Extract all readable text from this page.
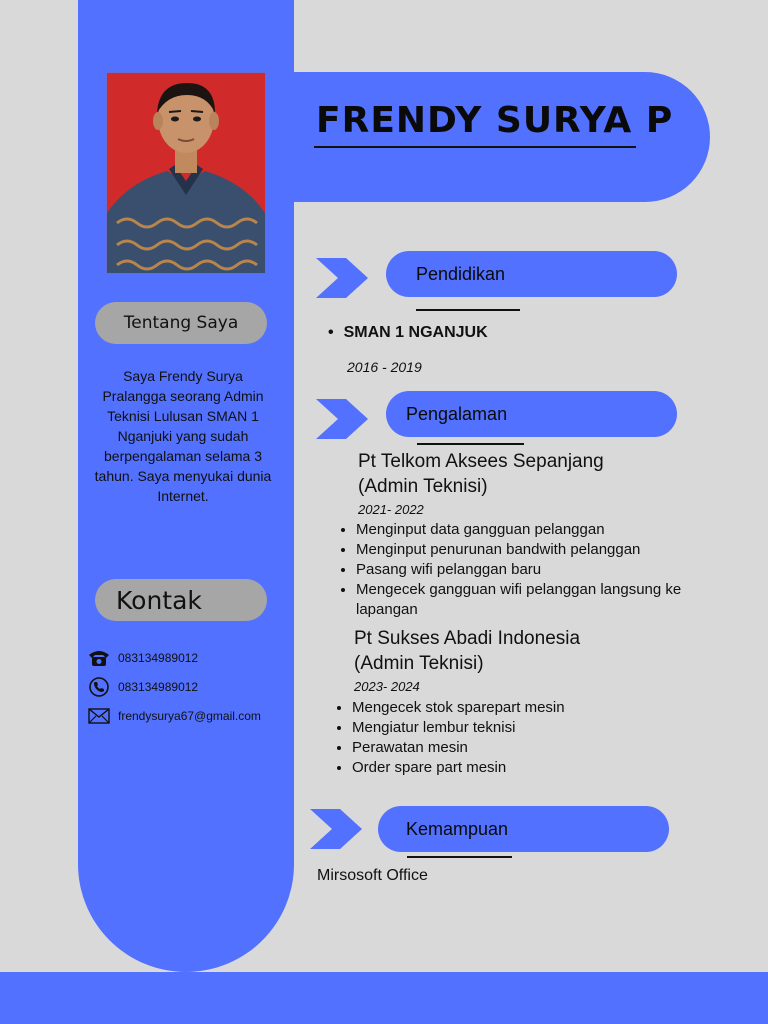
FRENDY SURYA P
Tentang Saya
Saya Frendy Surya Pralangga seorang Admin Teknisi Lulusan SMAN 1 Nganjuki yang sudah berpengalaman selama 3 tahun. Saya menyukai dunia Internet.
Kontak
083134989012
083134989012
frendysurya67@gmail.com
Pendidikan
• SMAN 1 NGANJUK
2016 - 2019
Pengalaman
Pt Telkom Aksees Sepanjang
(Admin Teknisi)
2021- 2022
• Menginput data gangguan pelanggan
• Menginput penurunan bandwith pelanggan
• Pasang wifi pelanggan baru
• Mengecek gangguan wifi pelanggan langsung ke lapangan
Pt Sukses Abadi Indonesia
(Admin Teknisi)
2023- 2024
• Mengecek stok sparepart mesin
• Mengiatur lembur teknisi
• Perawatan mesin
• Order spare part mesin
Kemampuan
Mirsosoft Office
